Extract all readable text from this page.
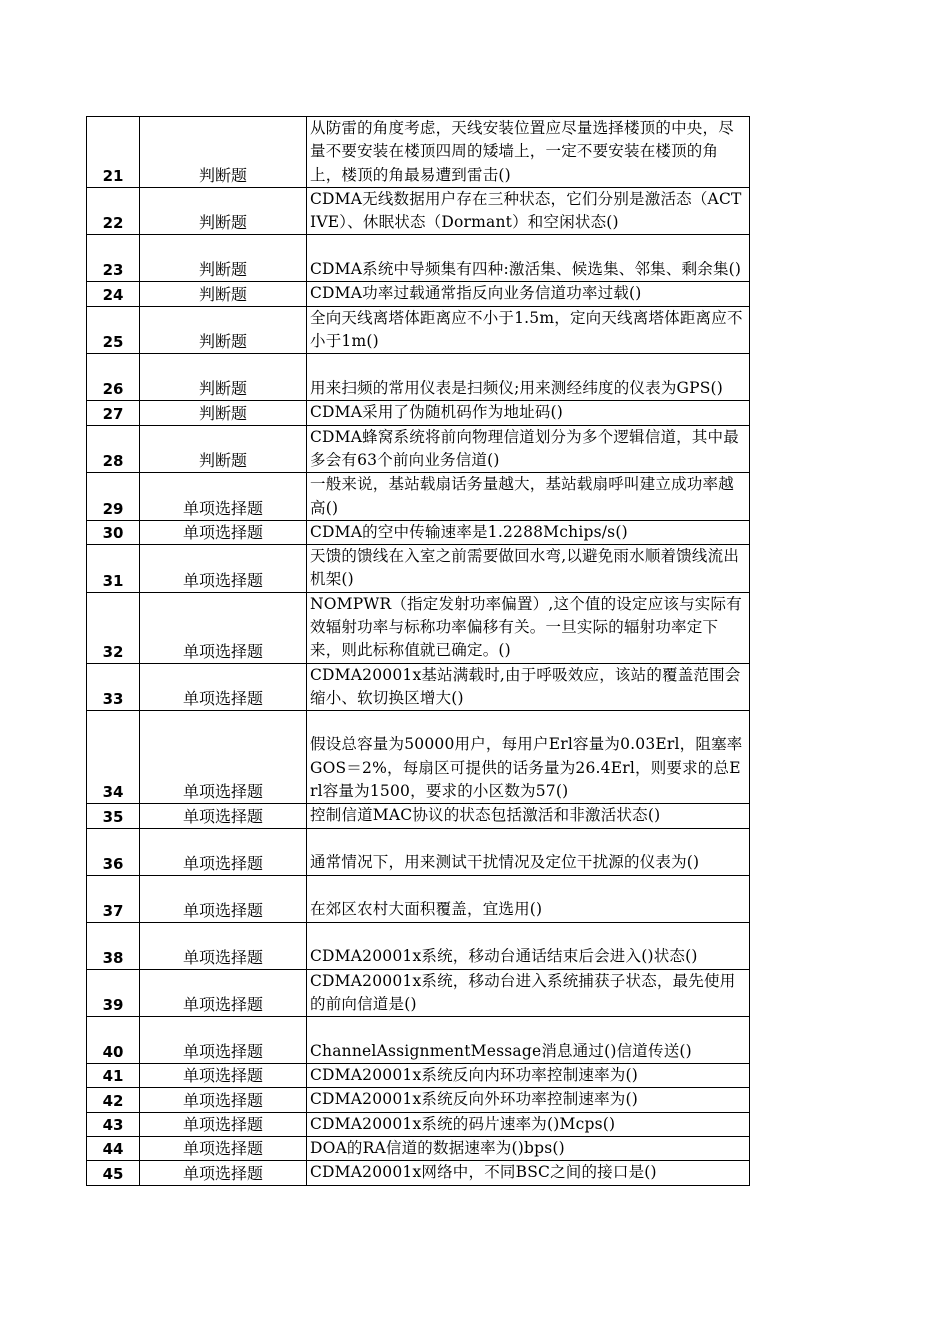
21	判断题	从防雷的角度考虑，天线安装位置应尽量选择楼顶的中央，尽量不要安装在楼顶四周的矮墙上，一定不要安装在楼顶的角上，楼顶的角最易遭到雷击()
22	判断题	CDMA无线数据用户存在三种状态，它们分别是激活态（ACTIVE）、休眠状态（Dormant）和空闲状态()
23	判断题	CDMA系统中导频集有四种:激活集、候选集、邻集、剩余集()
24	判断题	CDMA功率过载通常指反向业务信道功率过载()
25	判断题	全向天线离塔体距离应不小于1.5m，定向天线离塔体距离应不小于1m()
26	判断题	用来扫频的常用仪表是扫频仪;用来测经纬度的仪表为GPS()
27	判断题	CDMA采用了伪随机码作为地址码()
28	判断题	CDMA蜂窝系统将前向物理信道划分为多个逻辑信道，其中最多会有63个前向业务信道()
29	单项选择题	一般来说，基站载扇话务量越大，基站载扇呼叫建立成功率越高()
30	单项选择题	CDMA的空中传输速率是1.2288Mchips/s()
31	单项选择题	天馈的馈线在入室之前需要做回水弯,以避免雨水顺着馈线流出机架()
32	单项选择题	NOMPWR（指定发射功率偏置）,这个值的设定应该与实际有效辐射功率与标称功率偏移有关。一旦实际的辐射功率定下来，则此标称值就已确定。()
33	单项选择题	CDMA20001x基站满载时,由于呼吸效应，该站的覆盖范围会缩小、软切换区增大()
34	单项选择题	假设总容量为50000用户，每用户Erl容量为0.03Erl，阻塞率GOS＝2%，每扇区可提供的话务量为26.4Erl，则要求的总Erl容量为1500，要求的小区数为57()
35	单项选择题	控制信道MAC协议的状态包括激活和非激活状态()
36	单项选择题	通常情况下，用来测试干扰情况及定位干扰源的仪表为()
37	单项选择题	在郊区农村大面积覆盖，宜选用()
38	单项选择题	CDMA20001x系统，移动台通话结束后会进入()状态()
39	单项选择题	CDMA20001x系统，移动台进入系统捕获子状态，最先使用的前向信道是()
40	单项选择题	ChannelAssignmentMessage消息通过()信道传送()
41	单项选择题	CDMA20001x系统反向内环功率控制速率为()
42	单项选择题	CDMA20001x系统反向外环功率控制速率为()
43	单项选择题	CDMA20001x系统的码片速率为()Mcps()
44	单项选择题	DOA的RA信道的数据速率为()bps()
45	单项选择题	CDMA20001x网络中，不同BSC之间的接口是()
